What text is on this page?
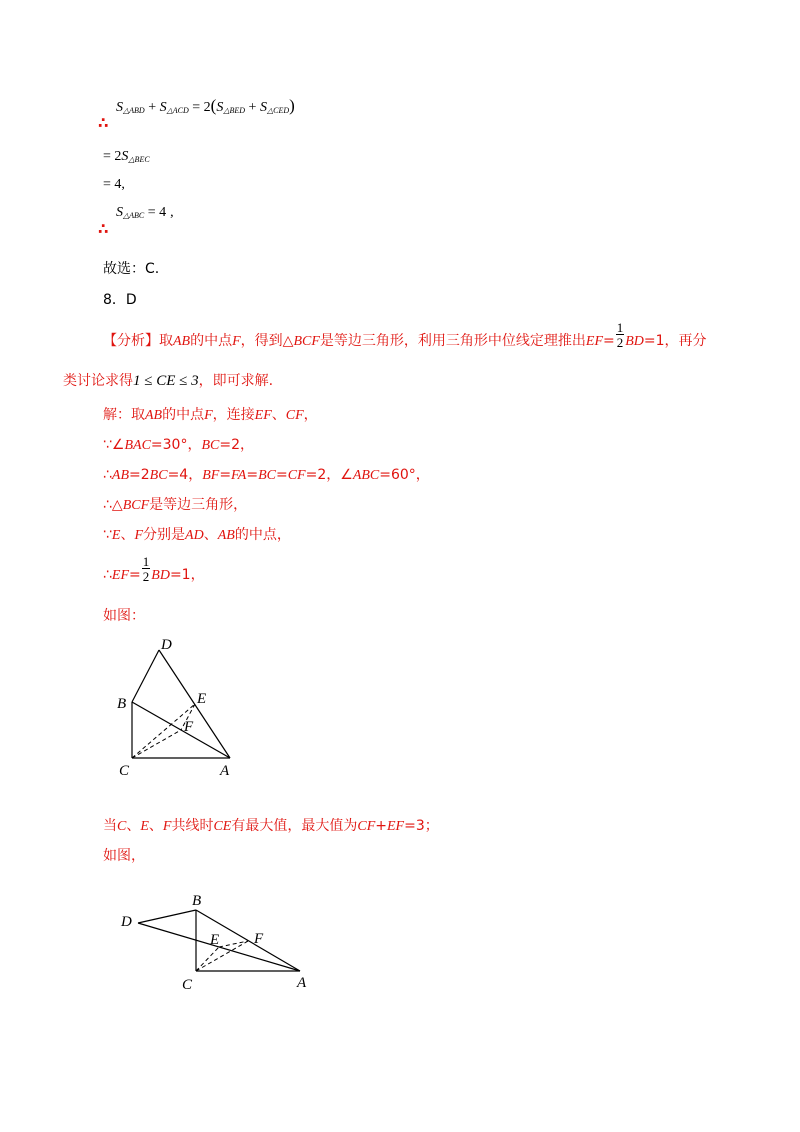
∴
$S_{\triangle ABD} + S_{\triangle ACD} = 2(S_{\triangle BED} + S_{\triangle CED})$
= $2S_{\triangle BEC}$
= 4,
∴
$S_{\triangle ABC} = 4$ ,
故选：C.
8．D
【分析】取AB的中点F，得到△BCF是等边三角形，利用三角形中位线定理推出$EF= \frac{1}{2} BD=1$，再分
类讨论求得1 ≤ CE ≤ 3，即可求解.
解：取AB的中点F，连接EF、CF，
∵∠BAC=30°，BC=2，
∴AB=2BC=4，BF=FA=BC=CF=2，∠ABC=60°，
∴△BCF是等边三角形，
∵E、F分别是AD、AB的中点，
∴EF= $\frac{1}{2} BD=1$，
如图：
D
B	E
F
C	A
当C、E、F共线时CE有最大值，最大值为CF+EF=3；
如图，
B
D
E F
C	A
